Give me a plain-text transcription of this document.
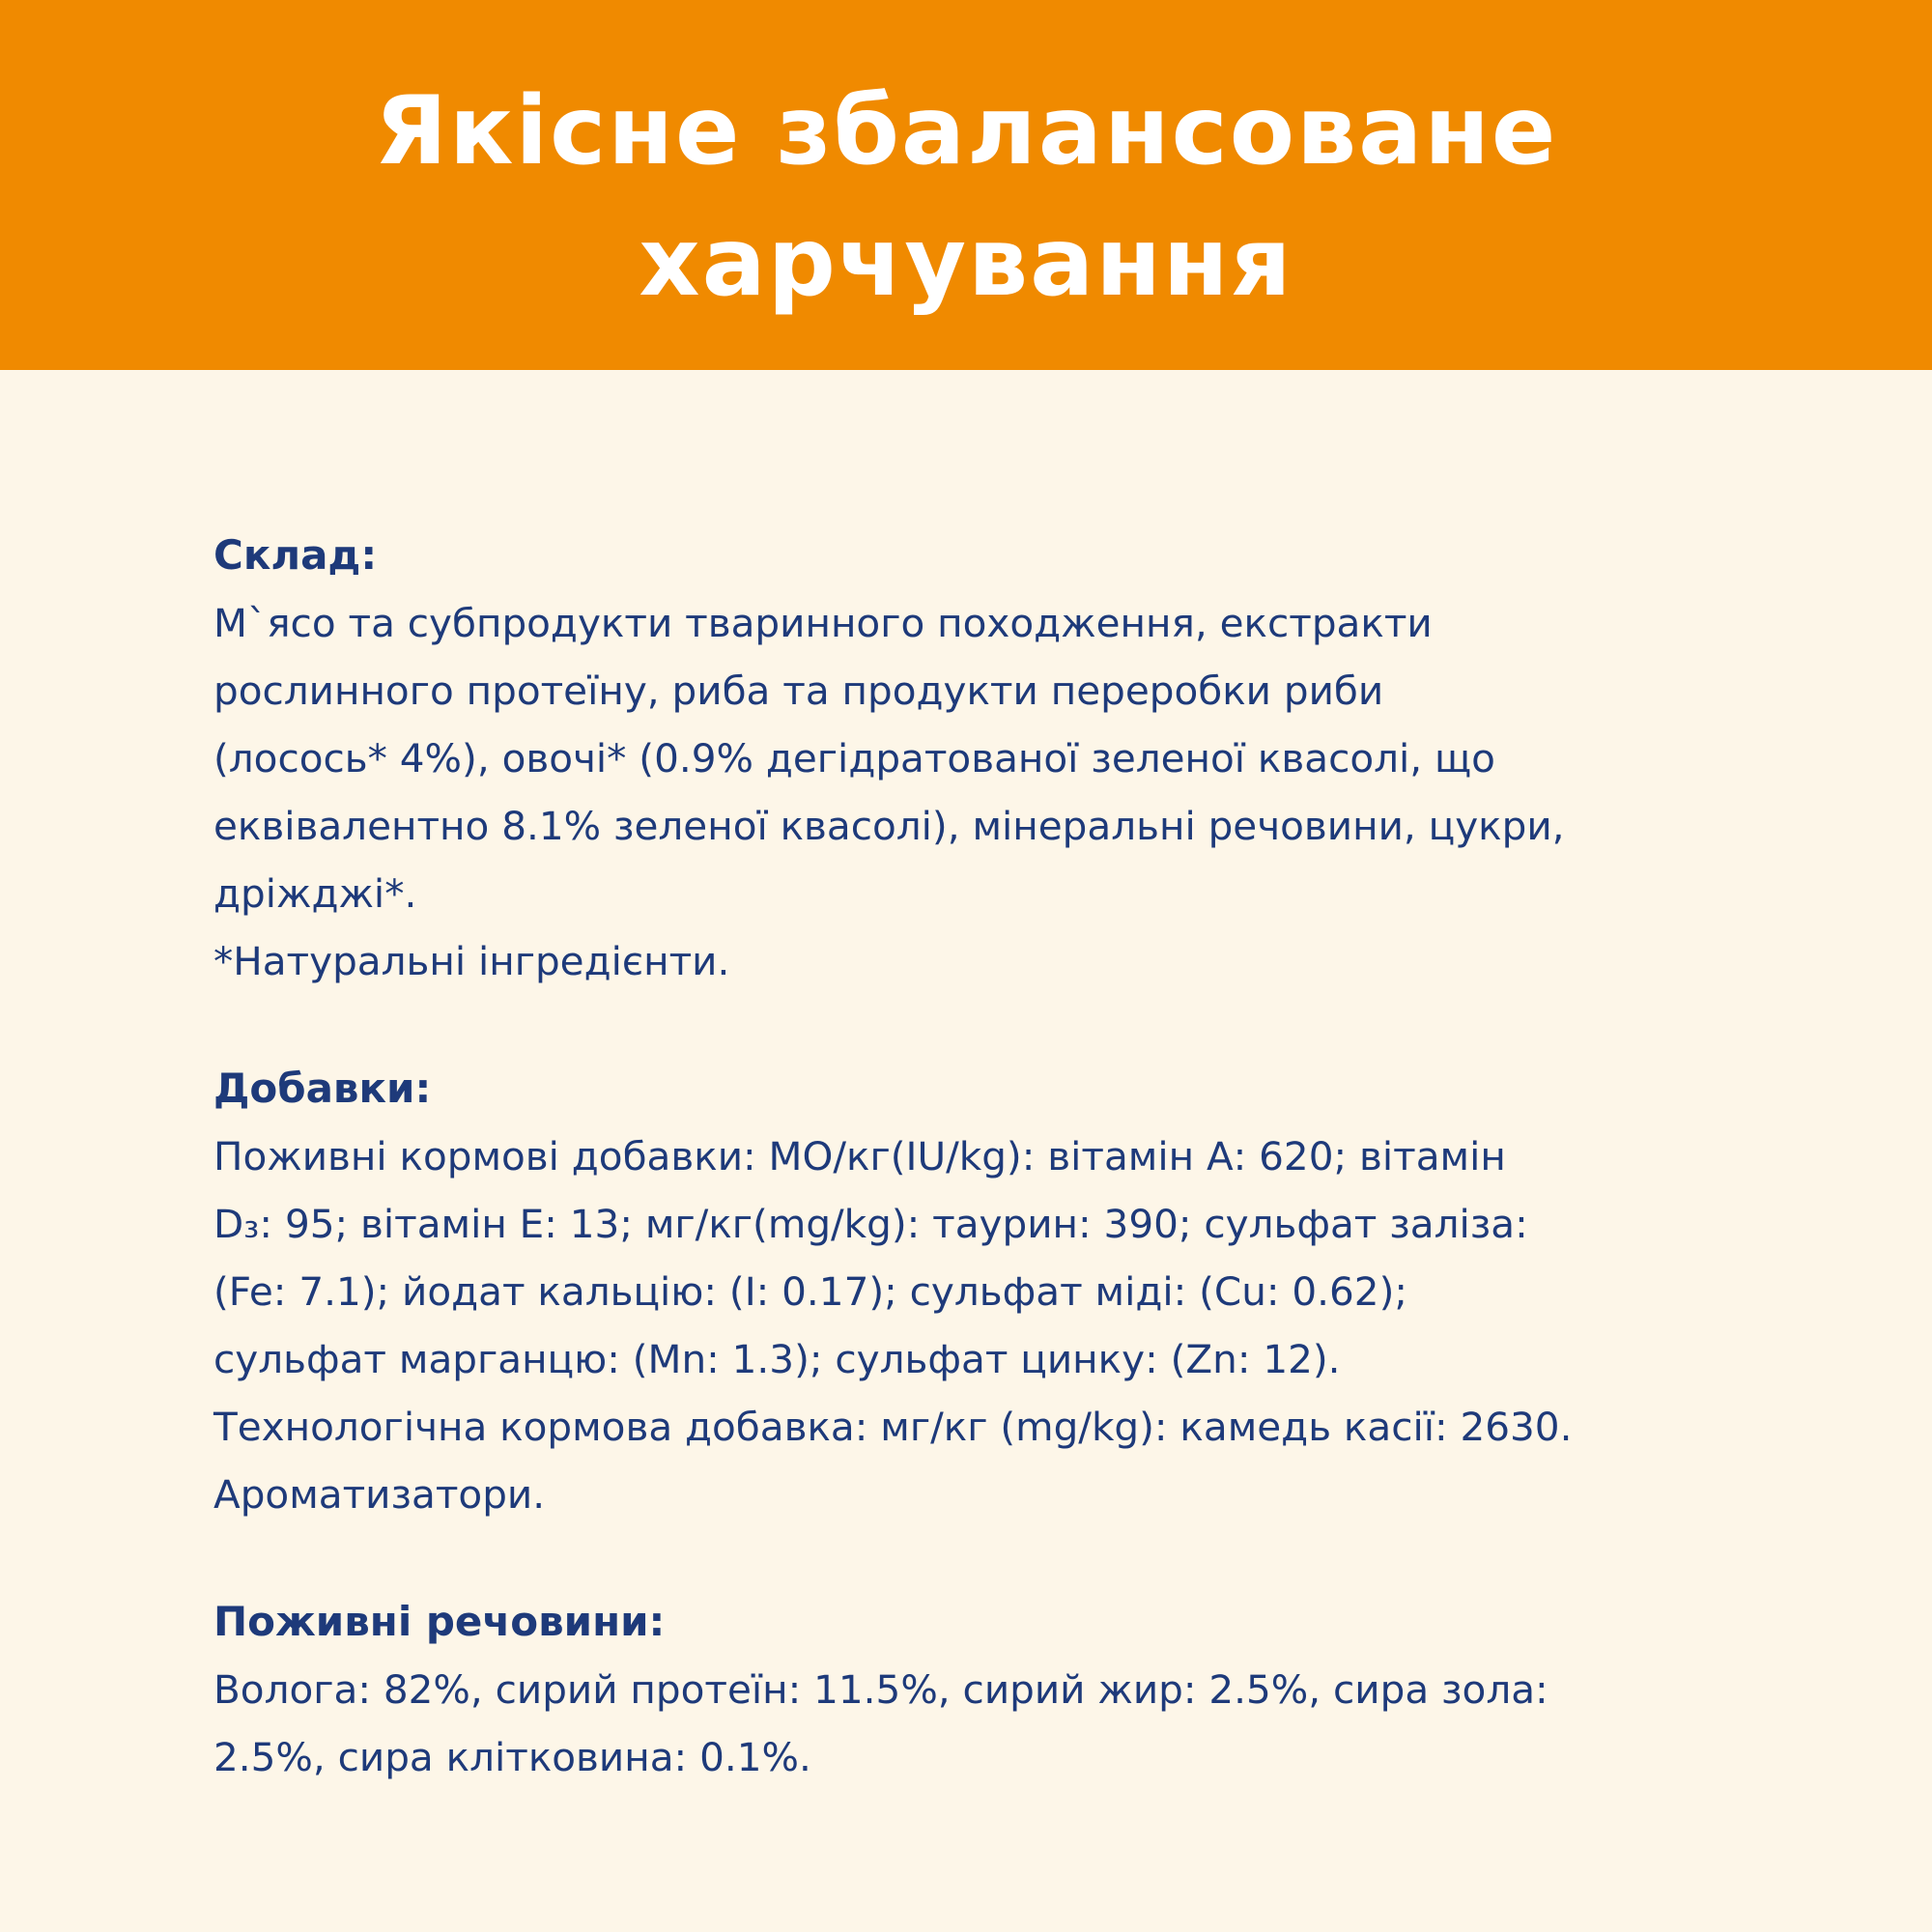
Якісне збалансоване
харчування
Склад:

М`ясо та субпродукти тваринного походження, екстракти
рослинного протеїну, риба та продукти переробки риби
(лосось* 4%), овочі* (0.9% дегідратованої зеленої квасолі, що
еквівалентно 8.1% зеленої квасолі), мінеральні речовини, цукри,
дріжджі*.
*Натуральні інгредієнти.

Добавки:

Поживні кормові добавки: МО/кг(IU/kg): вітамін А: 620; вітамін
D₃: 95; вітамін Е: 13; мг/кг(mg/kg): таурин: 390; сульфат заліза:
(Fe: 7.1); йодат кальцію: (I: 0.17); сульфат міді: (Cu: 0.62);
сульфат марганцю: (Mn: 1.3); сульфат цинку: (Zn: 12).
Технологічна кормова добавка: мг/кг (mg/kg): камедь касії: 2630.
Ароматизатори.

Поживні речовини:

Волога: 82%, сирий протеїн: 11.5%, сирий жир: 2.5%, сира зола:
2.5%, сира клітковина: 0.1%.
